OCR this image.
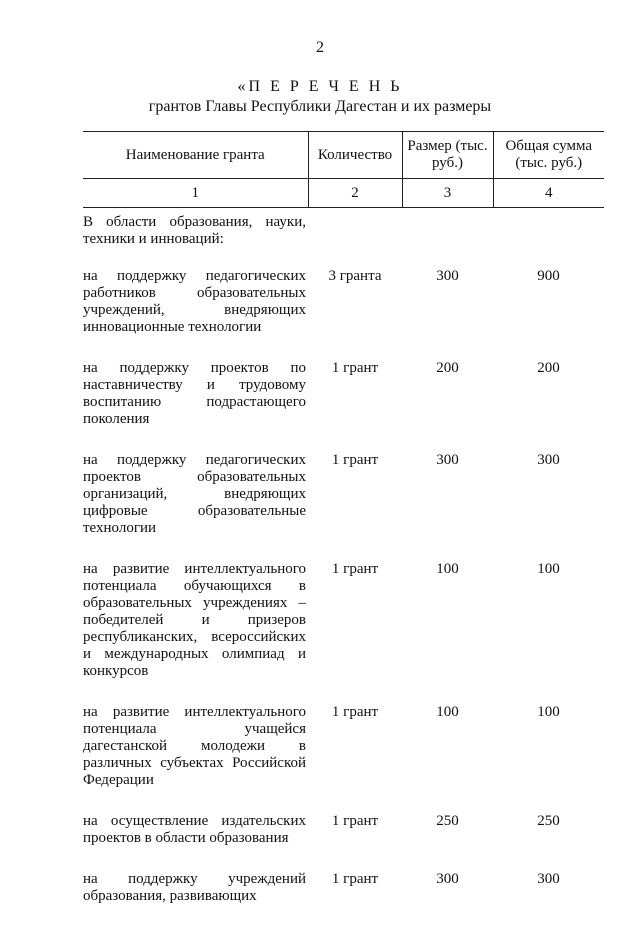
2
«П Е Р Е Ч Е Н Ь
грантов Главы Республики Дагестан и их размеры
Наименование гранта	Количество	Размер (тыс. руб.)	Общая сумма (тыс. руб.)
1	2	3	4
В области образования, науки, техники и инноваций:			
на поддержку педагогических работников образовательных учреждений, внедряющих инновационные технологии	3 гранта	300	900
на поддержку проектов по наставничеству и трудовому воспитанию подрастающего поколения	1 грант	200	200
на поддержку педагогических проектов образовательных организаций, внедряющих цифровые образовательные технологии	1 грант	300	300
на развитие интеллектуального потенциала обучающихся в образовательных учреждениях – победителей и призеров республиканских, всероссийских и международных олимпиад и конкурсов	1 грант	100	100
на развитие интеллектуального потенциала учащейся дагестанской молодежи в различных субъектах Российской Федерации	1 грант	100	100
на осуществление издательских проектов в области образования	1 грант	250	250
на поддержку учреждений образования, развивающих	1 грант	300	300
